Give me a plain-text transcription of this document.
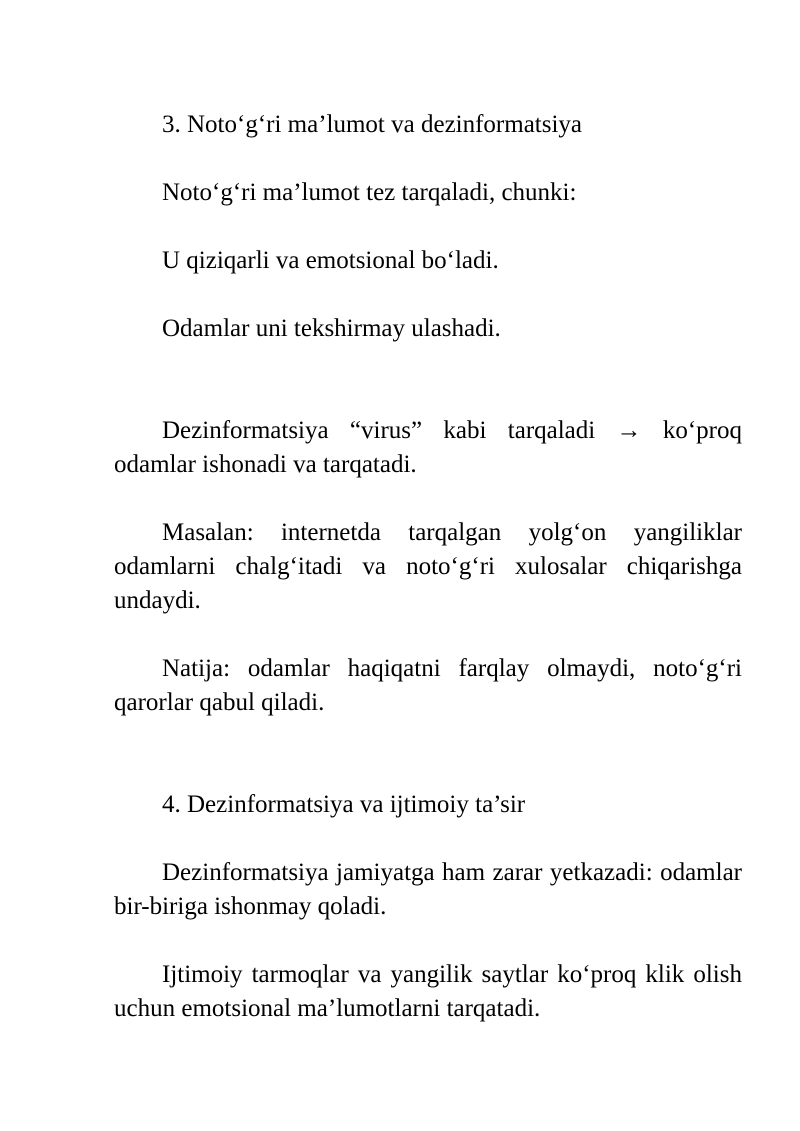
3. Noto‘g‘ri ma’lumot va dezinformatsiya

Noto‘g‘ri ma’lumot tez tarqaladi, chunki:

U qiziqarli va emotsional bo‘ladi.

Odamlar uni tekshirmay ulashadi.

Dezinformatsiya “virus” kabi tarqaladi → ko‘proq odamlar ishonadi va tarqatadi.

Masalan: internetda tarqalgan yolg‘on yangiliklar odamlarni chalg‘itadi va noto‘g‘ri xulosalar chiqarishga undaydi.

Natija: odamlar haqiqatni farqlay olmaydi, noto‘g‘ri qarorlar qabul qiladi.

4. Dezinformatsiya va ijtimoiy ta’sir

Dezinformatsiya jamiyatga ham zarar yetkazadi: odamlar bir-biriga ishonmay qoladi.

Ijtimoiy tarmoqlar va yangilik saytlar ko‘proq klik olish uchun emotsional ma’lumotlarni tarqatadi.
